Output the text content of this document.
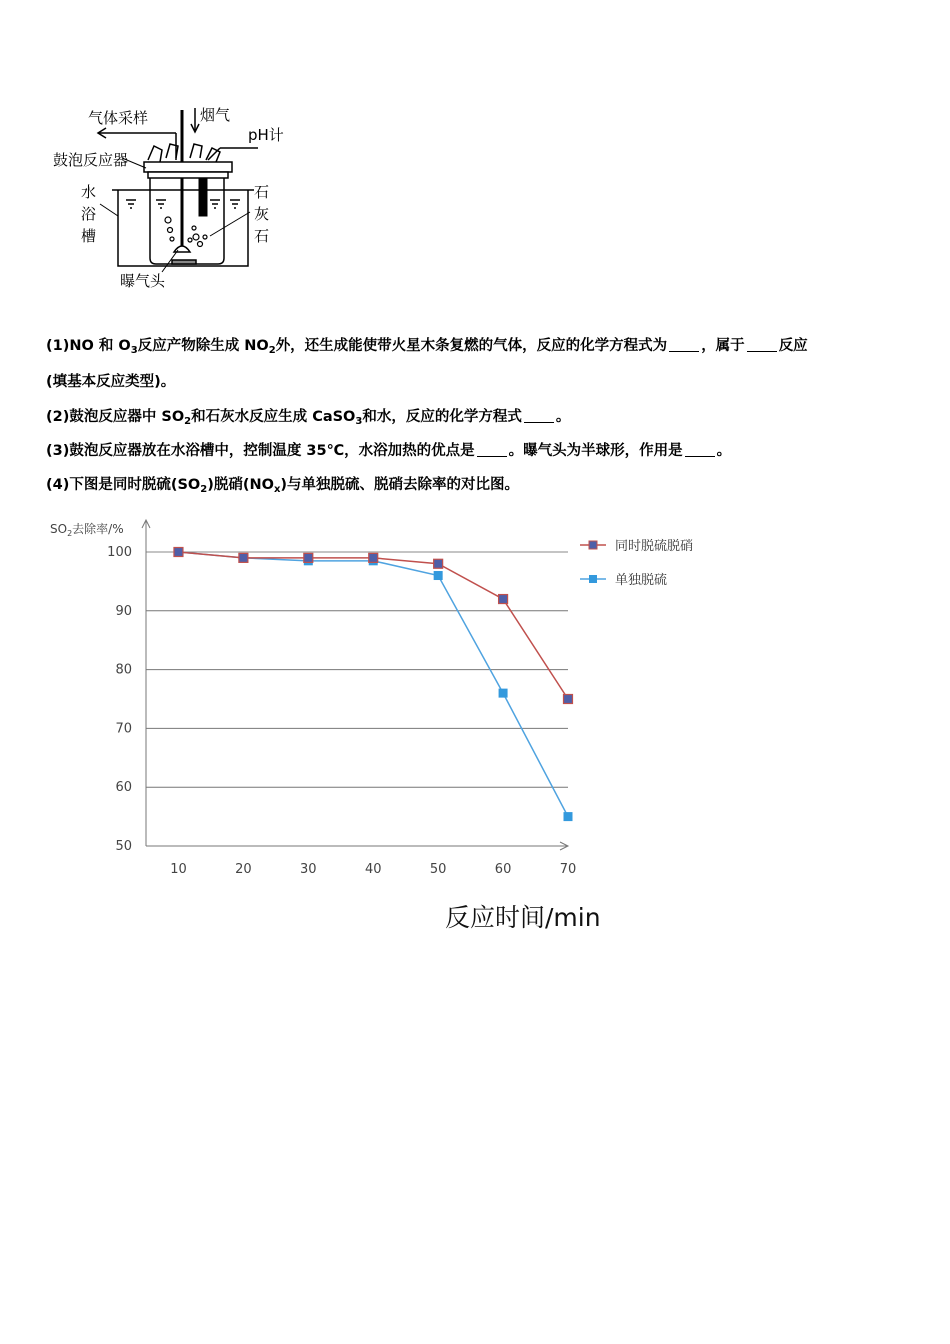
气体采样	烟气
pH计
鼓泡反应器
水
浴
槽
石
灰
石
曝气头
(1)NO 和 $O_3$反应产物除生成 $NO_2$外，还生成能使带火星木条复燃的气体，反应的化学方程式为 ，属于 反应
(填基本反应类型)。
(2)鼓泡反应器中 $SO_2$和石灰水反应生成 CaSO$_3$和水，反应的化学方程式 。
(3)鼓泡反应器放在水浴槽中，控制温度 35℃，水浴加热的优点是 。曝气头为半球形，作用是 。
(4)下图是同时脱硫$(SO_2)$脱硝$(NO_x)$与单独脱硫、脱硝去除率的对比图。
50
60
70
80
90
100
10	20	30	40	50	60	70
$SO_2$去除率/%
反应时间/min
同时脱硫脱硝
单独脱硫
